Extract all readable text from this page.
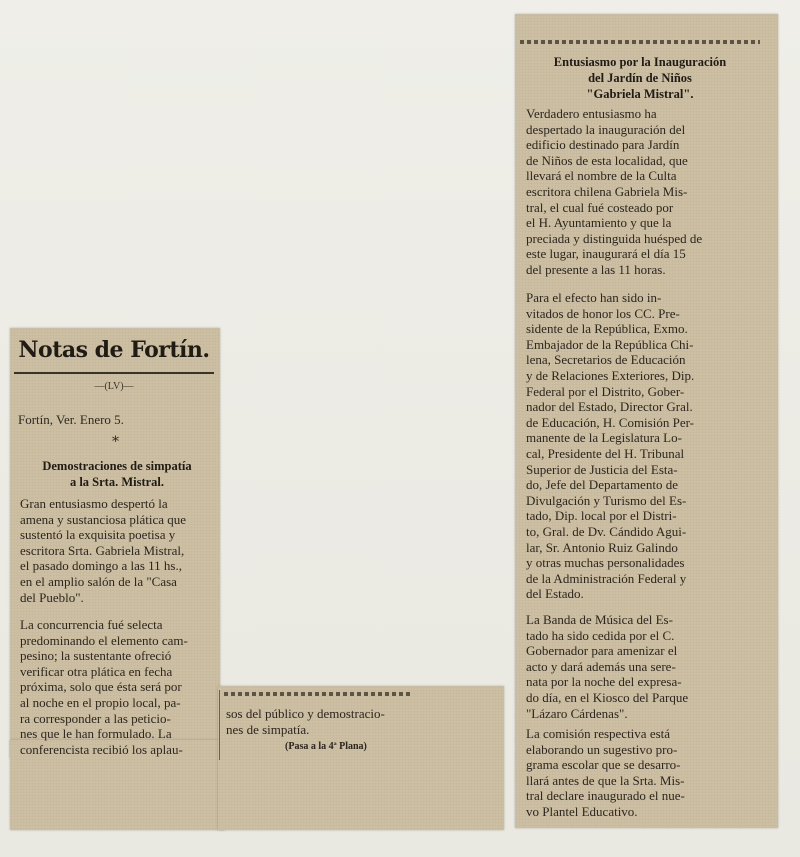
Notas de Fortín.
—(LV)—
Fortín, Ver. Enero 5.
*
Demostraciones de simpatía
a la Srta. Mistral.
Gran entusiasmo despertó la
amena y sustanciosa plática que
sustentó la exquisita poetisa y
escritora Srta. Gabriela Mistral,
el pasado domingo a las 11 hs.,
en el amplio salón de la "Casa
del Pueblo".
La concurrencia fué selecta
predominando el elemento cam-
pesino; la sustentante ofreció
verificar otra plática en fecha
próxima, solo que ésta será por
al noche en el propio local, pa-
ra corresponder a las peticio-
nes que le han formulado. La
conferencista recibió los aplau-
sos del público y demostracio-
nes de simpatía.
(Pasa a la 4ª Plana)
Entusiasmo por la Inauguración
del Jardín de Niños
"Gabriela Mistral".
Verdadero entusiasmo ha
despertado la inauguración del
edificio destinado para Jardín
de Niños de esta localidad, que
llevará el nombre de la Culta
escritora chilena Gabriela Mis-
tral, el cual fué costeado por
el H. Ayuntamiento y que la
preciada y distinguida huésped de
este lugar, inaugurará el día 15
del presente a las 11 horas.
Para el efecto han sido in-
vitados de honor los CC. Pre-
sidente de la República, Exmo.
Embajador de la República Chi-
lena, Secretarios de Educación
y de Relaciones Exteriores, Dip.
Federal por el Distrito, Gober-
nador del Estado, Director Gral.
de Educación, H. Comisión Per-
manente de la Legislatura Lo-
cal, Presidente del H. Tribunal
Superior de Justicia del Esta-
do, Jefe del Departamento de
Divulgación y Turismo del Es-
tado, Dip. local por el Distri-
to, Gral. de Dv. Cándido Agui-
lar, Sr. Antonio Ruiz Galindo
y otras muchas personalidades
de la Administración Federal y
del Estado.
La Banda de Música del Es-
tado ha sido cedida por el C.
Gobernador para amenizar el
acto y dará además una sere-
nata por la noche del expresa-
do día, en el Kiosco del Parque
"Lázaro Cárdenas".
La comisión respectiva está
elaborando un sugestivo pro-
grama escolar que se desarro-
llará antes de que la Srta. Mis-
tral declare inaugurado el nue-
vo Plantel Educativo.
